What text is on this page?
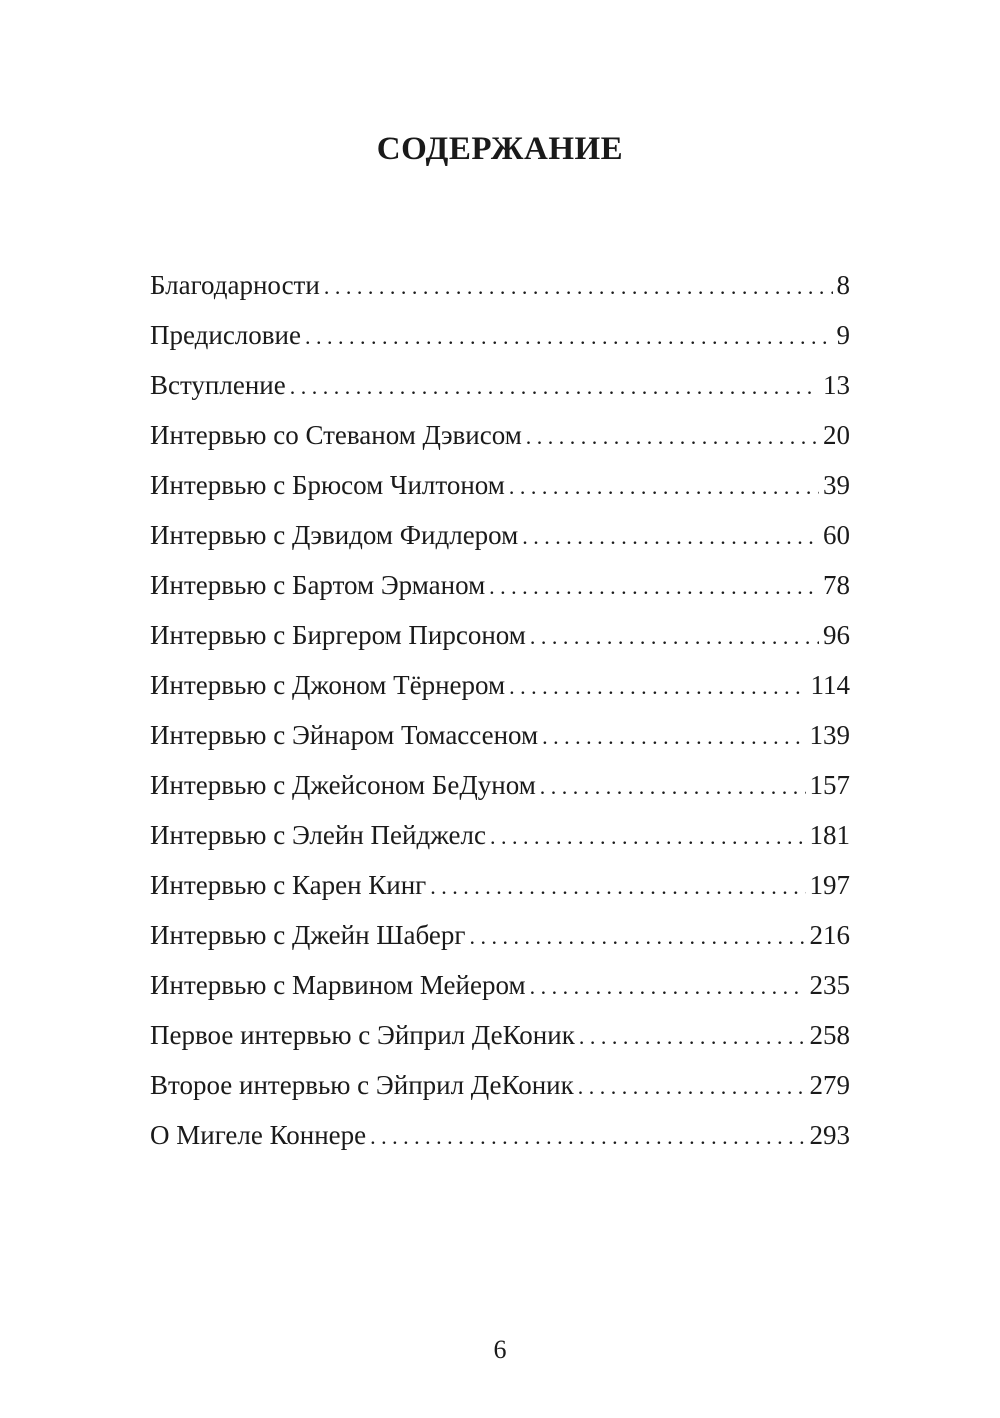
СОДЕРЖАНИЕ
Благодарности . . .	8
Предисловие . . .	9
Вступление . . .	13
Интервью со Стеваном Дэвисом . . .	20
Интервью с Брюсом Чилтоном . . .	39
Интервью с Дэвидом Фидлером . . .	60
Интервью с Бартом Эрманом . . .	78
Интервью с Биргером Пирсоном . . .	96
Интервью с Джоном Тёрнером . . .	114
Интервью с Эйнаром Томассеном . . .	139
Интервью с Джейсоном БеДуном . . .	157
Интервью с Элейн Пейджелс . . .	181
Интервью с Карен Кинг . . .	197
Интервью с Джейн Шаберг . . .	216
Интервью с Марвином Мейером . . .	235
Первое интервью с Эйприл ДеКоник . . .	258
Второе интервью с Эйприл ДеКоник . . .	279
О Мигеле Коннере . . .	293
6
